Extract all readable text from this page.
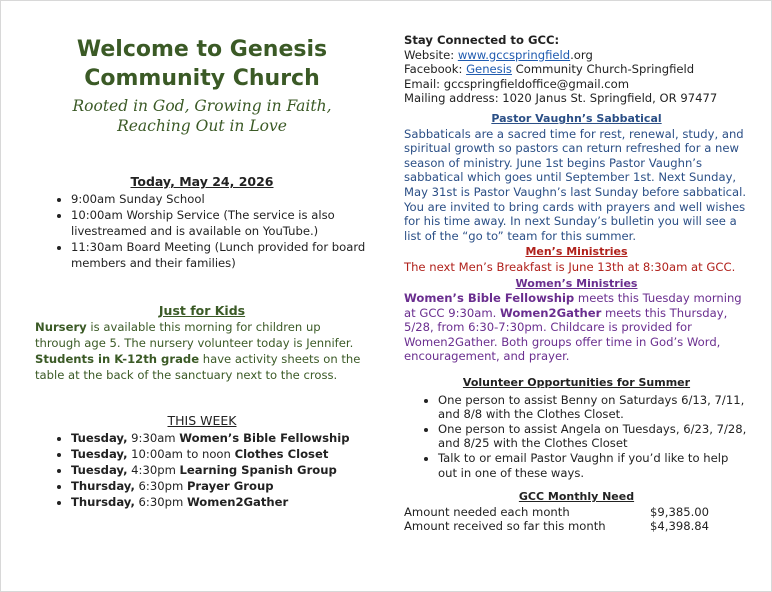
Welcome to Genesis
Community Church
Rooted in God, Growing in Faith,
Reaching Out in Love
Today, May 24, 2026
• 9:00am Sunday School
• 10:00am Worship Service (The service is also livestreamed and is available on YouTube.)
• 11:30am Board Meeting (Lunch provided for board members and their families)
Just for Kids
Nursery is available this morning for children up through age 5. The nursery volunteer today is Jennifer. Students in K-12th grade have activity sheets on the table at the back of the sanctuary next to the cross.
THIS WEEK
• Tuesday, 9:30am Women’s Bible Fellowship
• Tuesday, 10:00am to noon Clothes Closet
• Tuesday, 4:30pm Learning Spanish Group
• Thursday, 6:30pm Prayer Group
• Thursday, 6:30pm Women2Gather
Stay Connected to GCC:
Website: www.gccspringfield.org
Facebook: Genesis Community Church-Springfield
Email: gccspringfieldoffice@gmail.com
Mailing address: 1020 Janus St. Springfield, OR 97477
Pastor Vaughn’s Sabbatical
Sabbaticals are a sacred time for rest, renewal, study, and spiritual growth so pastors can return refreshed for a new season of ministry. June 1st begins Pastor Vaughn’s sabbatical which goes until September 1st. Next Sunday, May 31st is Pastor Vaughn’s last Sunday before sabbatical. You are invited to bring cards with prayers and well wishes for his time away. In next Sunday’s bulletin you will see a list of the “go to” team for this summer.
Men’s Ministries
The next Men’s Breakfast is June 13th at 8:30am at GCC.
Women’s Ministries
Women’s Bible Fellowship meets this Tuesday morning at GCC 9:30am. Women2Gather meets this Thursday, 5/28, from 6:30-7:30pm. Childcare is provided for Women2Gather. Both groups offer time in God’s Word, encouragement, and prayer.
Volunteer Opportunities for Summer
• One person to assist Benny on Saturdays 6/13, 7/11, and 8/8 with the Clothes Closet.
• One person to assist Angela on Tuesdays, 6/23, 7/28, and 8/25 with the Clothes Closet
• Talk to or email Pastor Vaughn if you’d like to help out in one of these ways.
GCC Monthly Need
Amount needed each month	$9,385.00
Amount received so far this month	$4,398.84
